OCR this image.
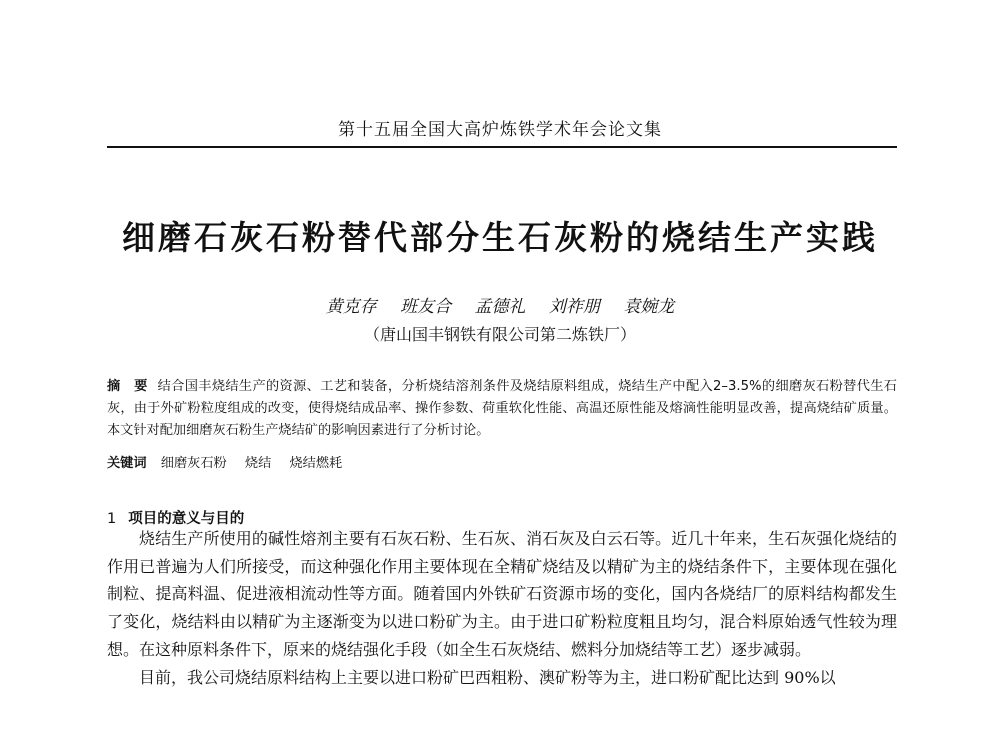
第十五届全国大高炉炼铁学术年会论文集
细磨石灰石粉替代部分生石灰粉的烧结生产实践
黄克存 班友合 孟德礼 刘祚朋 袁婉龙
（唐山国丰钢铁有限公司第二炼铁厂）
摘　要 结合国丰烧结生产的资源、工艺和装备，分析烧结溶剂条件及烧结原料组成，烧结生产中配入2–3.5%的细磨灰石粉替代生石灰，由于外矿粉粒度组成的改变，使得烧结成品率、操作参数、荷重软化性能、高温还原性能及熔滴性能明显改善，提高烧结矿质量。本文针对配加细磨灰石粉生产烧结矿的影响因素进行了分析讨论。
关键词 细磨灰石粉 烧结 烧结燃耗
1 项目的意义与目的

烧结生产所使用的碱性熔剂主要有石灰石粉、生石灰、消石灰及白云石等。近几十年来，生石灰强化烧结的作用已普遍为人们所接受，而这种强化作用主要体现在全精矿烧结及以精矿为主的烧结条件下，主要体现在强化制粒、提高料温、促进液相流动性等方面。随着国内外铁矿石资源市场的变化，国内各烧结厂的原料结构都发生了变化，烧结料由以精矿为主逐渐变为以进口粉矿为主。由于进口矿粉粒度粗且均匀，混合料原始透气性较为理想。在这种原料条件下，原来的烧结强化手段（如全生石灰烧结、燃料分加烧结等工艺）逐步减弱。

目前，我公司烧结原料结构上主要以进口粉矿巴西粗粉、澳矿粉等为主，进口粉矿配比达到 90%以
